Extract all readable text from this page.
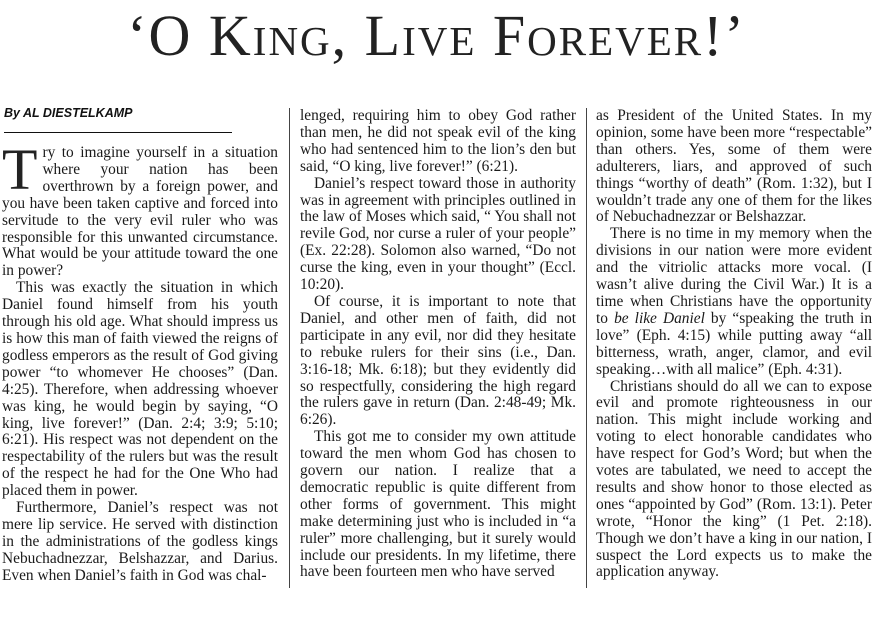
‘O King, Live Forever!’
By AL DIESTELKAMP

Try to imagine yourself in a situation where your nation has been overthrown by a foreign power, and you have been taken captive and forced into servitude to the very evil ruler who was responsible for this unwanted circumstance. What would be your attitude toward the one in power?

This was exactly the situation in which Daniel found himself from his youth through his old age. What should impress us is how this man of faith viewed the reigns of godless emperors as the result of God giving power “to whomever He chooses” (Dan. 4:25). Therefore, when addressing whoever was king, he would begin by saying, “O king, live forever!” (Dan. 2:4; 3:9; 5:10; 6:21). His respect was not dependent on the respectability of the rulers but was the result of the respect he had for the One Who had placed them in power.

Furthermore, Daniel’s respect was not mere lip service. He served with distinction in the administrations of the godless kings Nebuchadnezzar, Belshazzar, and Darius. Even when Daniel’s faith in God was chal-

lenged, requiring him to obey God rather than men, he did not speak evil of the king who had sentenced him to the lion’s den but said, “O king, live forever!” (6:21).

Daniel’s respect toward those in authority was in agreement with principles outlined in the law of Moses which said, “ You shall not revile God, nor curse a ruler of your people” (Ex. 22:28). Solomon also warned, “Do not curse the king, even in your thought” (Eccl. 10:20).

Of course, it is important to note that Daniel, and other men of faith, did not participate in any evil, nor did they hesitate to rebuke rulers for their sins (i.e., Dan. 3:16-18; Mk. 6:18); but they evidently did so respectfully, considering the high regard the rulers gave in return (Dan. 2:48-49; Mk. 6:26).

This got me to consider my own attitude toward the men whom God has chosen to govern our nation. I realize that a democratic republic is quite different from other forms of government. This might make determining just who is included in “a ruler” more challenging, but it surely would include our presidents. In my lifetime, there have been fourteen men who have served

as President of the United States. In my opinion, some have been more “respectable” than others. Yes, some of them were adulterers, liars, and approved of such things “worthy of death” (Rom. 1:32), but I wouldn’t trade any one of them for the likes of Nebuchadnezzar or Belshazzar.

There is no time in my memory when the divisions in our nation were more evident and the vitriolic attacks more vocal. (I wasn’t alive during the Civil War.) It is a time when Christians have the opportunity to be like Daniel by “speaking the truth in love” (Eph. 4:15) while putting away “all bitterness, wrath, anger, clamor, and evil speaking…with all malice” (Eph. 4:31).

Christians should do all we can to expose evil and promote righteousness in our nation. This might include working and voting to elect honorable candidates who have respect for God’s Word; but when the votes are tabulated, we need to accept the results and show honor to those elected as ones “appointed by God” (Rom. 13:1). Peter wrote, “Honor the king” (1 Pet. 2:18). Though we don’t have a king in our nation, I suspect the Lord expects us to make the application anyway.
